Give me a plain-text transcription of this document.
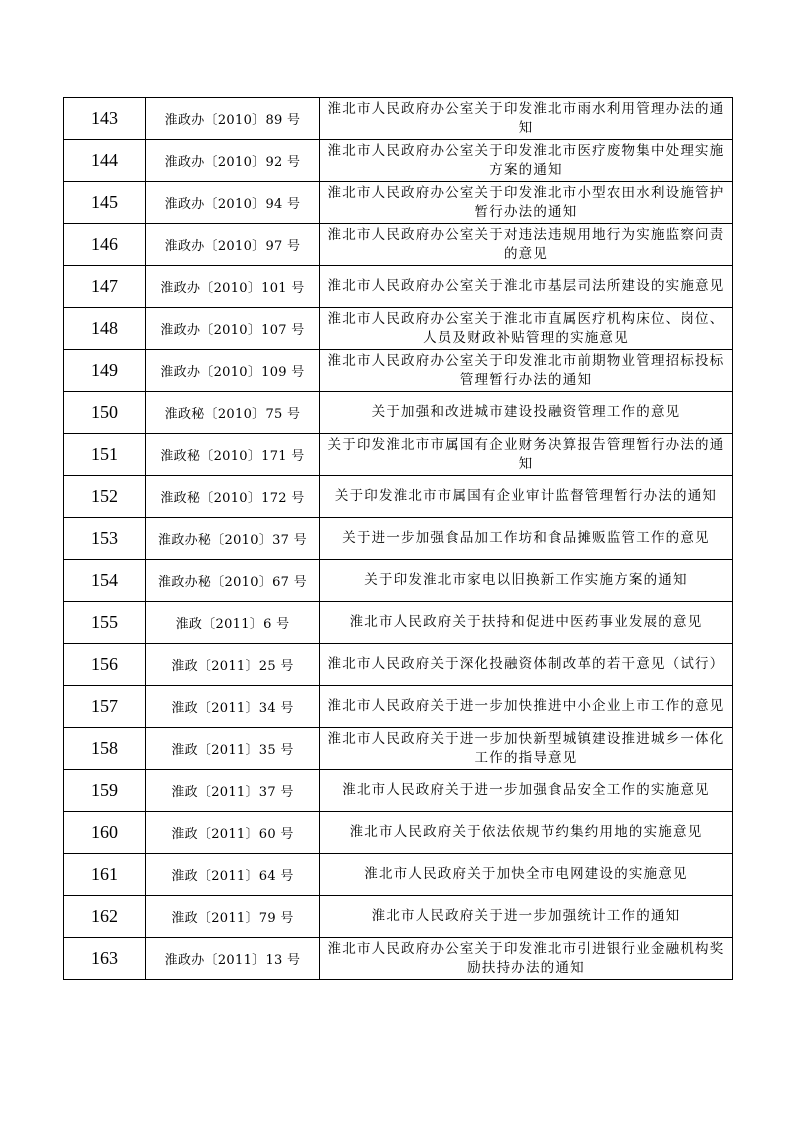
143	淮政办〔2010〕89 号	淮北市人民政府办公室关于印发淮北市雨水利用管理办法的通知
144	淮政办〔2010〕92 号	淮北市人民政府办公室关于印发淮北市医疗废物集中处理实施方案的通知
145	淮政办〔2010〕94 号	淮北市人民政府办公室关于印发淮北市小型农田水利设施管护暂行办法的通知
146	淮政办〔2010〕97 号	淮北市人民政府办公室关于对违法违规用地行为实施监察问责的意见
147	淮政办〔2010〕101 号	淮北市人民政府办公室关于淮北市基层司法所建设的实施意见
148	淮政办〔2010〕107 号	淮北市人民政府办公室关于淮北市直属医疗机构床位、岗位、人员及财政补贴管理的实施意见
149	淮政办〔2010〕109 号	淮北市人民政府办公室关于印发淮北市前期物业管理招标投标管理暂行办法的通知
150	淮政秘〔2010〕75 号	关于加强和改进城市建设投融资管理工作的意见
151	淮政秘〔2010〕171 号	关于印发淮北市市属国有企业财务决算报告管理暂行办法的通知
152	淮政秘〔2010〕172 号	关于印发淮北市市属国有企业审计监督管理暂行办法的通知
153	淮政办秘〔2010〕37 号	关于进一步加强食品加工作坊和食品摊贩监管工作的意见
154	淮政办秘〔2010〕67 号	关于印发淮北市家电以旧换新工作实施方案的通知
155	淮政〔2011〕6 号	淮北市人民政府关于扶持和促进中医药事业发展的意见
156	淮政〔2011〕25 号	淮北市人民政府关于深化投融资体制改革的若干意见（试行）
157	淮政〔2011〕34 号	淮北市人民政府关于进一步加快推进中小企业上市工作的意见
158	淮政〔2011〕35 号	淮北市人民政府关于进一步加快新型城镇建设推进城乡一体化工作的指导意见
159	淮政〔2011〕37 号	淮北市人民政府关于进一步加强食品安全工作的实施意见
160	淮政〔2011〕60 号	淮北市人民政府关于依法依规节约集约用地的实施意见
161	淮政〔2011〕64 号	淮北市人民政府关于加快全市电网建设的实施意见
162	淮政〔2011〕79 号	淮北市人民政府关于进一步加强统计工作的通知
163	淮政办〔2011〕13 号	淮北市人民政府办公室关于印发淮北市引进银行业金融机构奖励扶持办法的通知
